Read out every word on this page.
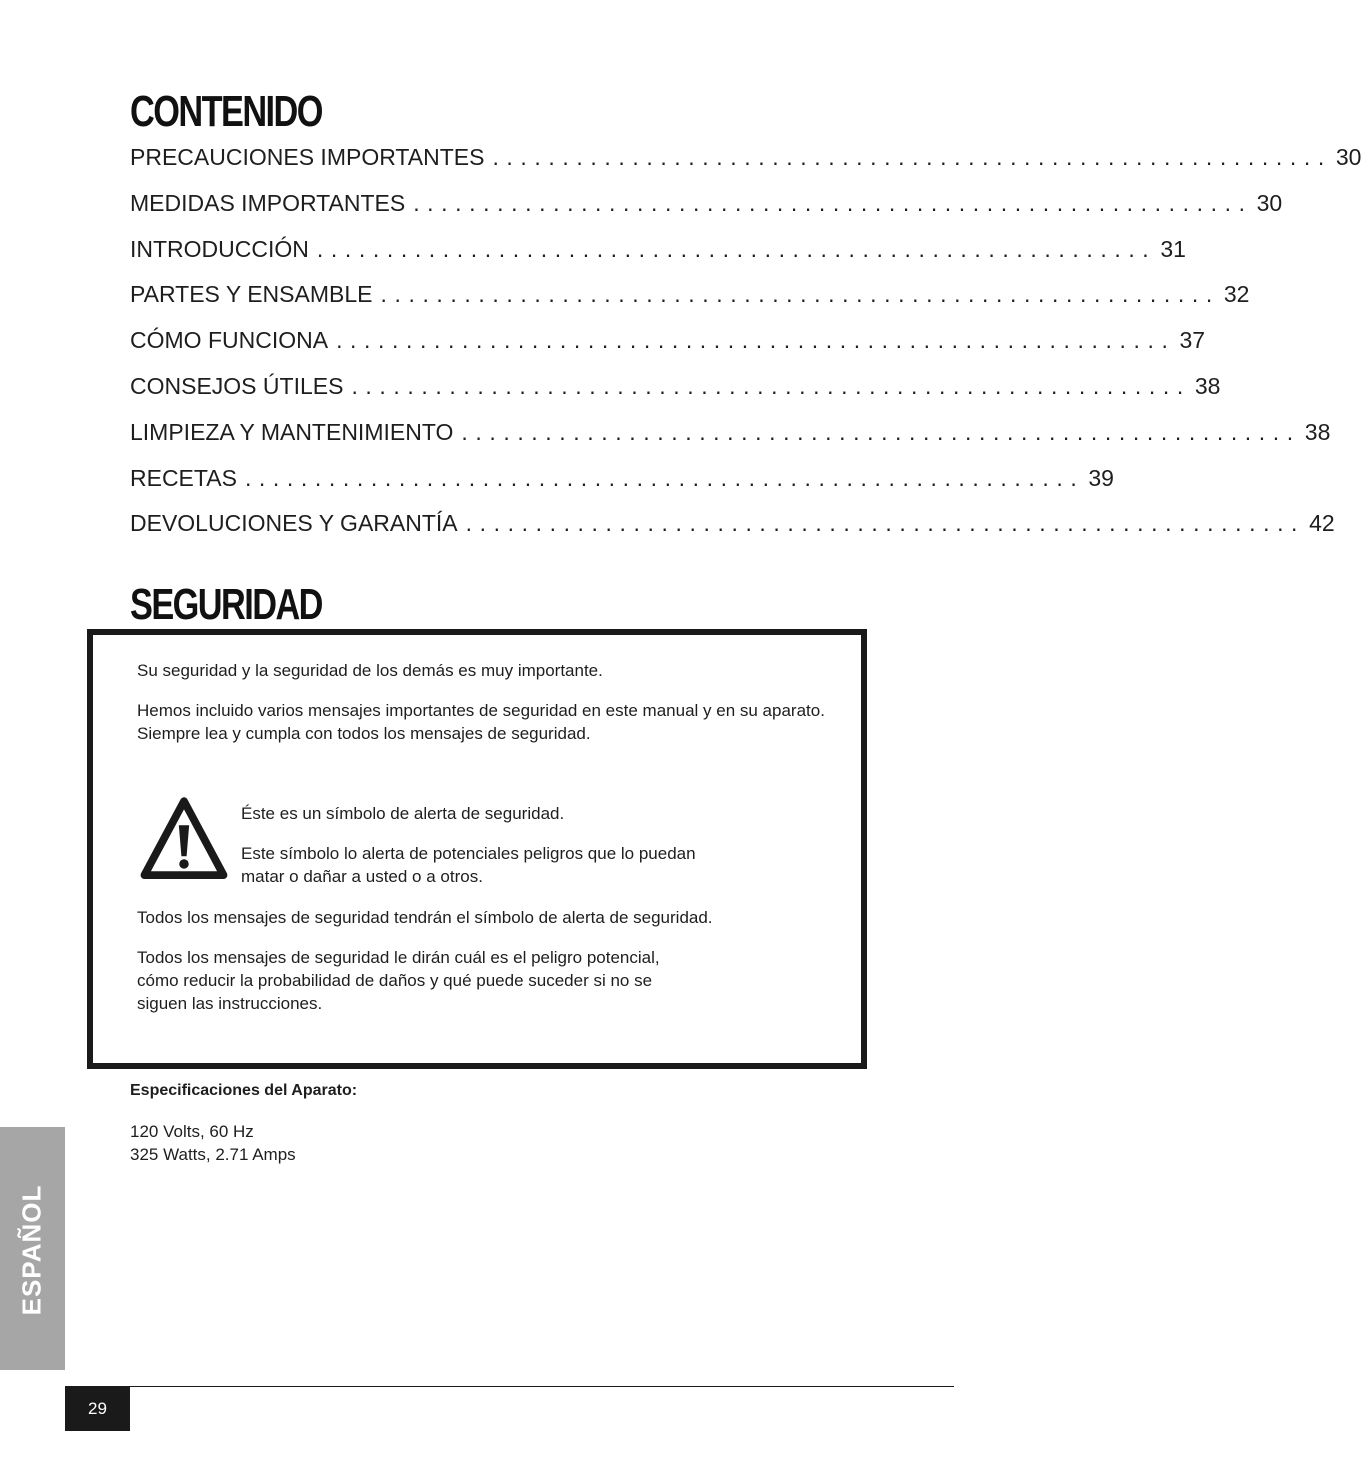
CONTENIDO
PRECAUCIONES IMPORTANTES ............................................................ 30
MEDIDAS IMPORTANTES ............................................................ 30
INTRODUCCIÓN ............................................................ 31
PARTES Y ENSAMBLE ............................................................ 32
CÓMO FUNCIONA ............................................................ 37
CONSEJOS ÚTILES ............................................................ 38
LIMPIEZA Y MANTENIMIENTO ............................................................ 38
RECETAS ............................................................ 39
DEVOLUCIONES Y GARANTÍA ............................................................ 42
SEGURIDAD

Su seguridad y la seguridad de los demás es muy importante.

Hemos incluido varios mensajes importantes de seguridad en este manual y en su aparato. Siempre lea y cumpla con todos los mensajes de seguridad.

Éste es un símbolo de alerta de seguridad.

Este símbolo lo alerta de potenciales peligros que lo puedan matar o dañar a usted o a otros.

Todos los mensajes de seguridad tendrán el símbolo de alerta de seguridad.

Todos los mensajes de seguridad le dirán cuál es el peligro potencial, cómo reducir la probabilidad de daños y qué puede suceder si no se siguen las instrucciones.

Especificaciones del Aparato:

120 Volts, 60 Hz

325 Watts, 2.71 Amps

ESPAÑOL
29
